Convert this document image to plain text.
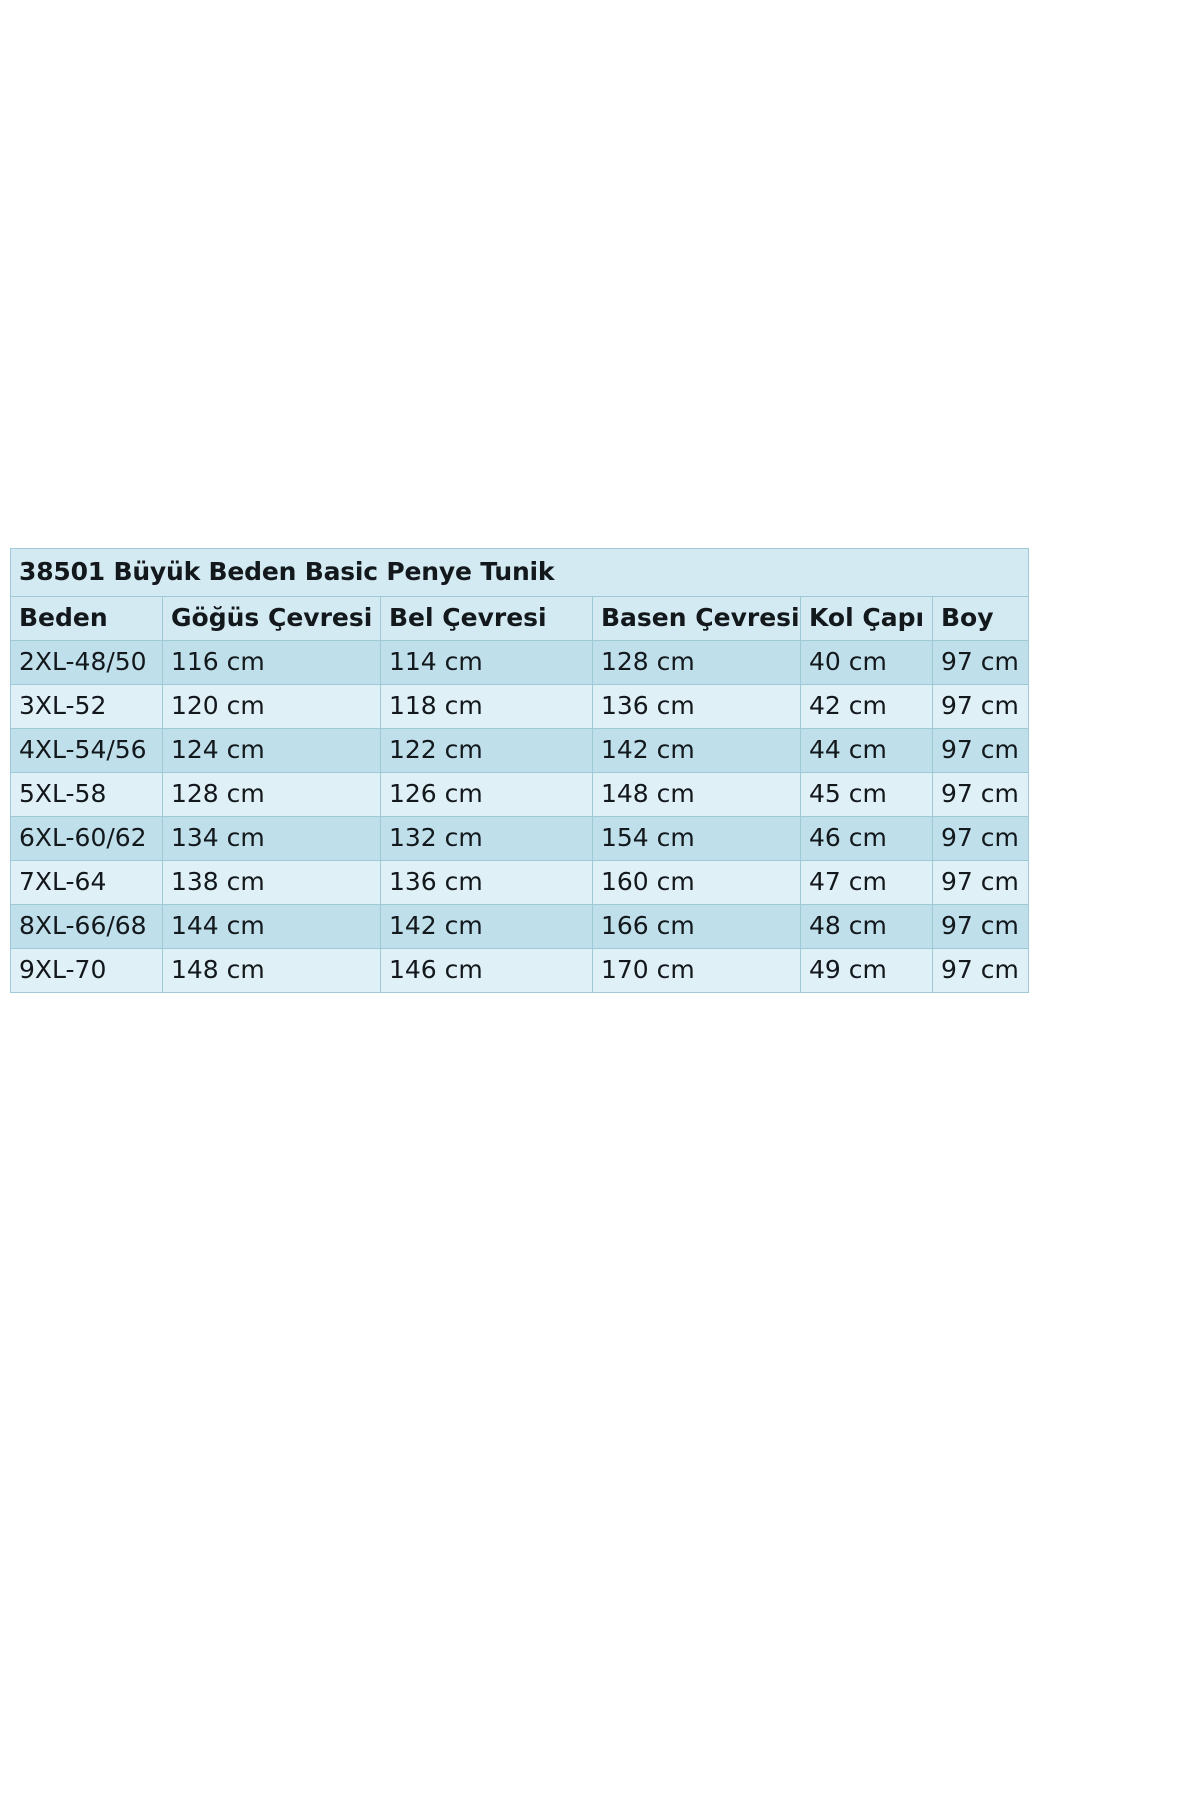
38501 Büyük Beden Basic Penye Tunik
Beden	Göğüs Çevresi	Bel Çevresi	Basen Çevresi	Kol Çapı	Boy
2XL-48/50	116 cm	114 cm	128 cm	40 cm	97 cm
3XL-52	120 cm	118 cm	136 cm	42 cm	97 cm
4XL-54/56	124 cm	122 cm	142 cm	44 cm	97 cm
5XL-58	128 cm	126 cm	148 cm	45 cm	97 cm
6XL-60/62	134 cm	132 cm	154 cm	46 cm	97 cm
7XL-64	138 cm	136 cm	160 cm	47 cm	97 cm
8XL-66/68	144 cm	142 cm	166 cm	48 cm	97 cm
9XL-70	148 cm	146 cm	170 cm	49 cm	97 cm
